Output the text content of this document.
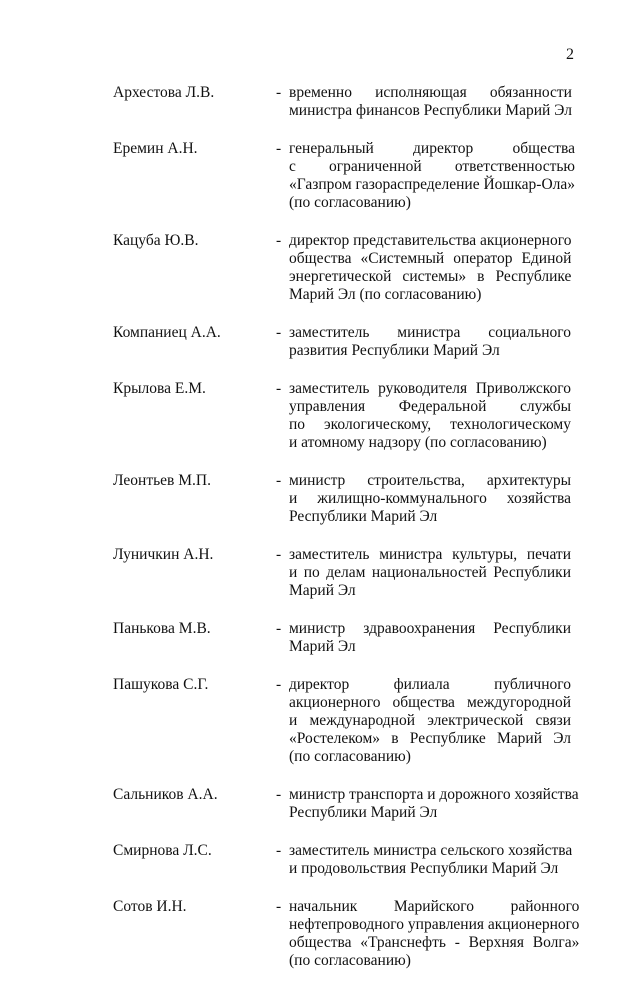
2
Архестова Л.В.	- временно исполняющая обязанности
министра финансов Республики Марий Эл
Еремин А.Н.	- генеральный директор общества
с ограниченной ответственностью
«Газпром газораспределение Йошкар-Ола»
(по согласованию)
Кацуба Ю.В.	- директор представительства акционерного
общества «Системный оператор Единой
энергетической системы» в Республике
Марий Эл (по согласованию)
Компаниец А.А.	- заместитель министра социального
развития Республики Марий Эл
Крылова Е.М.	- заместитель руководителя Приволжского
управления Федеральной службы
по экологическому, технологическому
и атомному надзору (по согласованию)
Леонтьев М.П.	- министр строительства, архитектуры
и жилищно-коммунального хозяйства
Республики Марий Эл
Луничкин А.Н.	- заместитель министра культуры, печати
и по делам национальностей Республики
Марий Эл
Панькова М.В.	- министр здравоохранения Республики
Марий Эл
Пашукова С.Г.	- директор филиала публичного
акционерного общества междугородной
и международной электрической связи
«Ростелеком» в Республике Марий Эл
(по согласованию)
Сальников А.А.	- министр транспорта и дорожного хозяйства
Республики Марий Эл
Смирнова Л.С.	- заместитель министра сельского хозяйства
и продовольствия Республики Марий Эл
Сотов И.Н.	- начальник Марийского районного
нефтепроводного управления акционерного
общества «Транснефть - Верхняя Волга»
(по согласованию)
